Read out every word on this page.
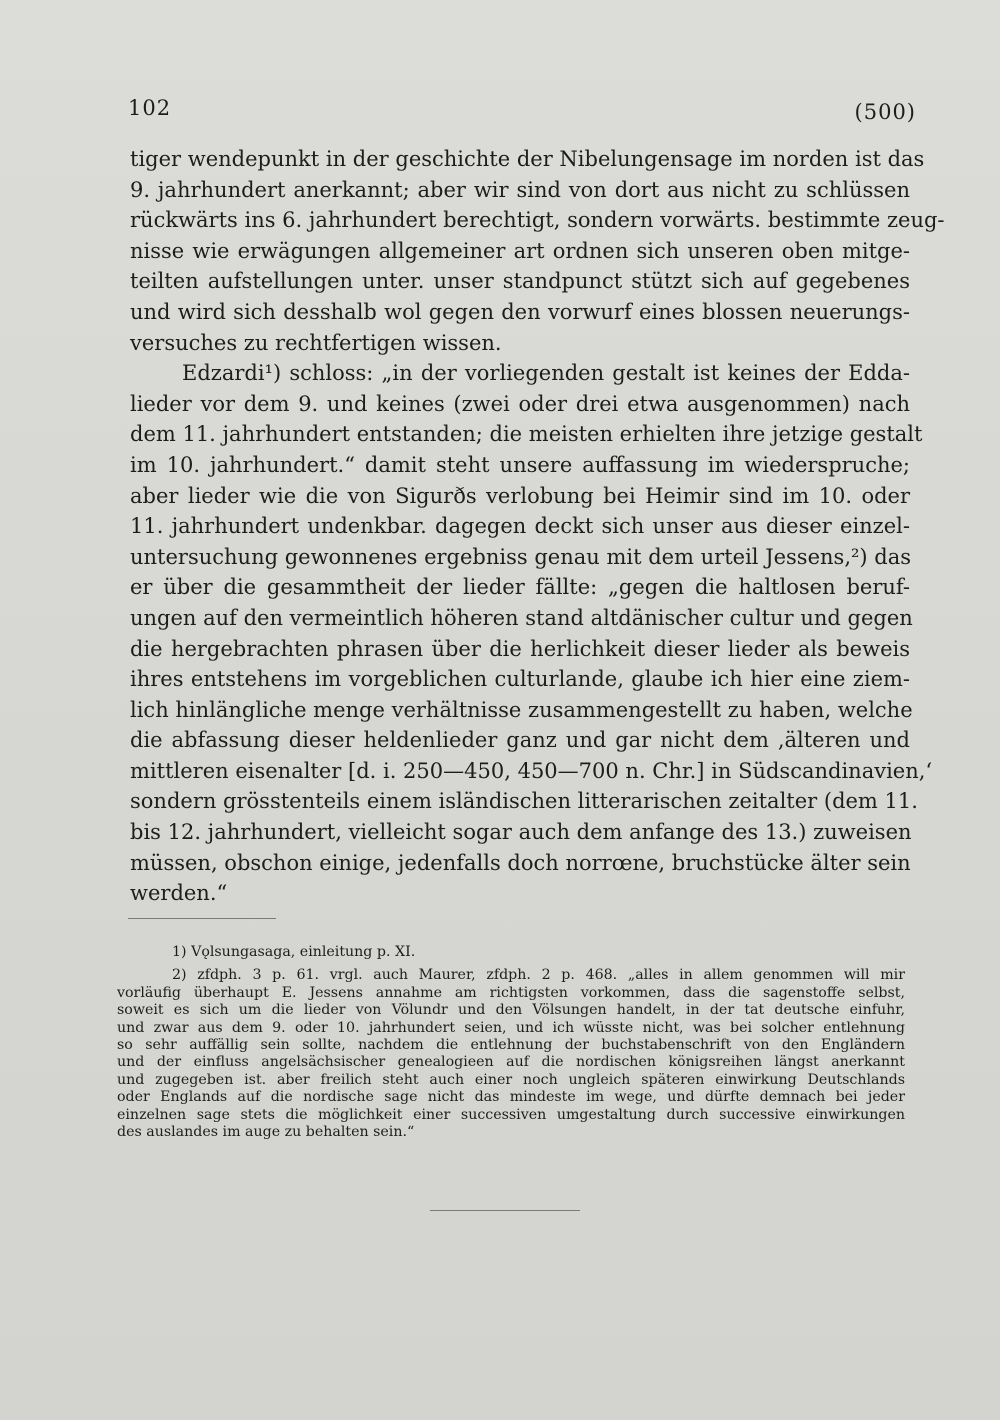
102	(500)
tiger wendepunkt in der geschichte der Nibelungensage im norden ist das
9. jahrhundert anerkannt; aber wir sind von dort aus nicht zu schlüssen
rückwärts ins 6. jahrhundert berechtigt, sondern vorwärts. bestimmte zeug-
nisse wie erwägungen allgemeiner art ordnen sich unseren oben mitge-
teilten aufstellungen unter. unser standpunct stützt sich auf gegebenes
und wird sich desshalb wol gegen den vorwurf eines blossen neuerungs-
versuches zu rechtfertigen wissen.
Edzardi¹) schloss: „in der vorliegenden gestalt ist keines der Edda-
lieder vor dem 9. und keines (zwei oder drei etwa ausgenommen) nach
dem 11. jahrhundert entstanden; die meisten erhielten ihre jetzige gestalt
im 10. jahrhundert.“ damit steht unsere auffassung im wiederspruche;
aber lieder wie die von Sigurðs verlobung bei Heimir sind im 10. oder
11. jahrhundert undenkbar. dagegen deckt sich unser aus dieser einzel-
untersuchung gewonnenes ergebniss genau mit dem urteil Jessens,²) das
er über die gesammtheit der lieder fällte: „gegen die haltlosen beruf-
ungen auf den vermeintlich höheren stand altdänischer cultur und gegen
die hergebrachten phrasen über die herlichkeit dieser lieder als beweis
ihres entstehens im vorgeblichen culturlande, glaube ich hier eine ziem-
lich hinlängliche menge verhältnisse zusammengestellt zu haben, welche
die abfassung dieser heldenlieder ganz und gar nicht dem ‚älteren und
mittleren eisenalter [d. i. 250—450, 450—700 n. Chr.] in Südscandinavien,‘
sondern grösstenteils einem isländischen litterarischen zeitalter (dem 11.
bis 12. jahrhundert, vielleicht sogar auch dem anfange des 13.) zuweisen
müssen, obschon einige, jedenfalls doch norrœne, bruchstücke älter sein
werden.“
1) Vǫlsungasaga, einleitung p. XI.
2) zfdph. 3 p. 61. vrgl. auch Maurer, zfdph. 2 p. 468. „alles in allem genommen will mir
vorläufig überhaupt E. Jessens annahme am richtigsten vorkommen, dass die sagenstoffe selbst,
soweit es sich um die lieder von Völundr und den Völsungen handelt, in der tat deutsche einfuhr,
und zwar aus dem 9. oder 10. jahrhundert seien, und ich wüsste nicht, was bei solcher entlehnung
so sehr auffällig sein sollte, nachdem die entlehnung der buchstabenschrift von den Engländern
und der einfluss angelsächsischer genealogieen auf die nordischen königsreihen längst anerkannt
und zugegeben ist. aber freilich steht auch einer noch ungleich späteren einwirkung Deutschlands
oder Englands auf die nordische sage nicht das mindeste im wege, und dürfte demnach bei jeder
einzelnen sage stets die möglichkeit einer successiven umgestaltung durch successive einwirkungen
des auslandes im auge zu behalten sein.“
